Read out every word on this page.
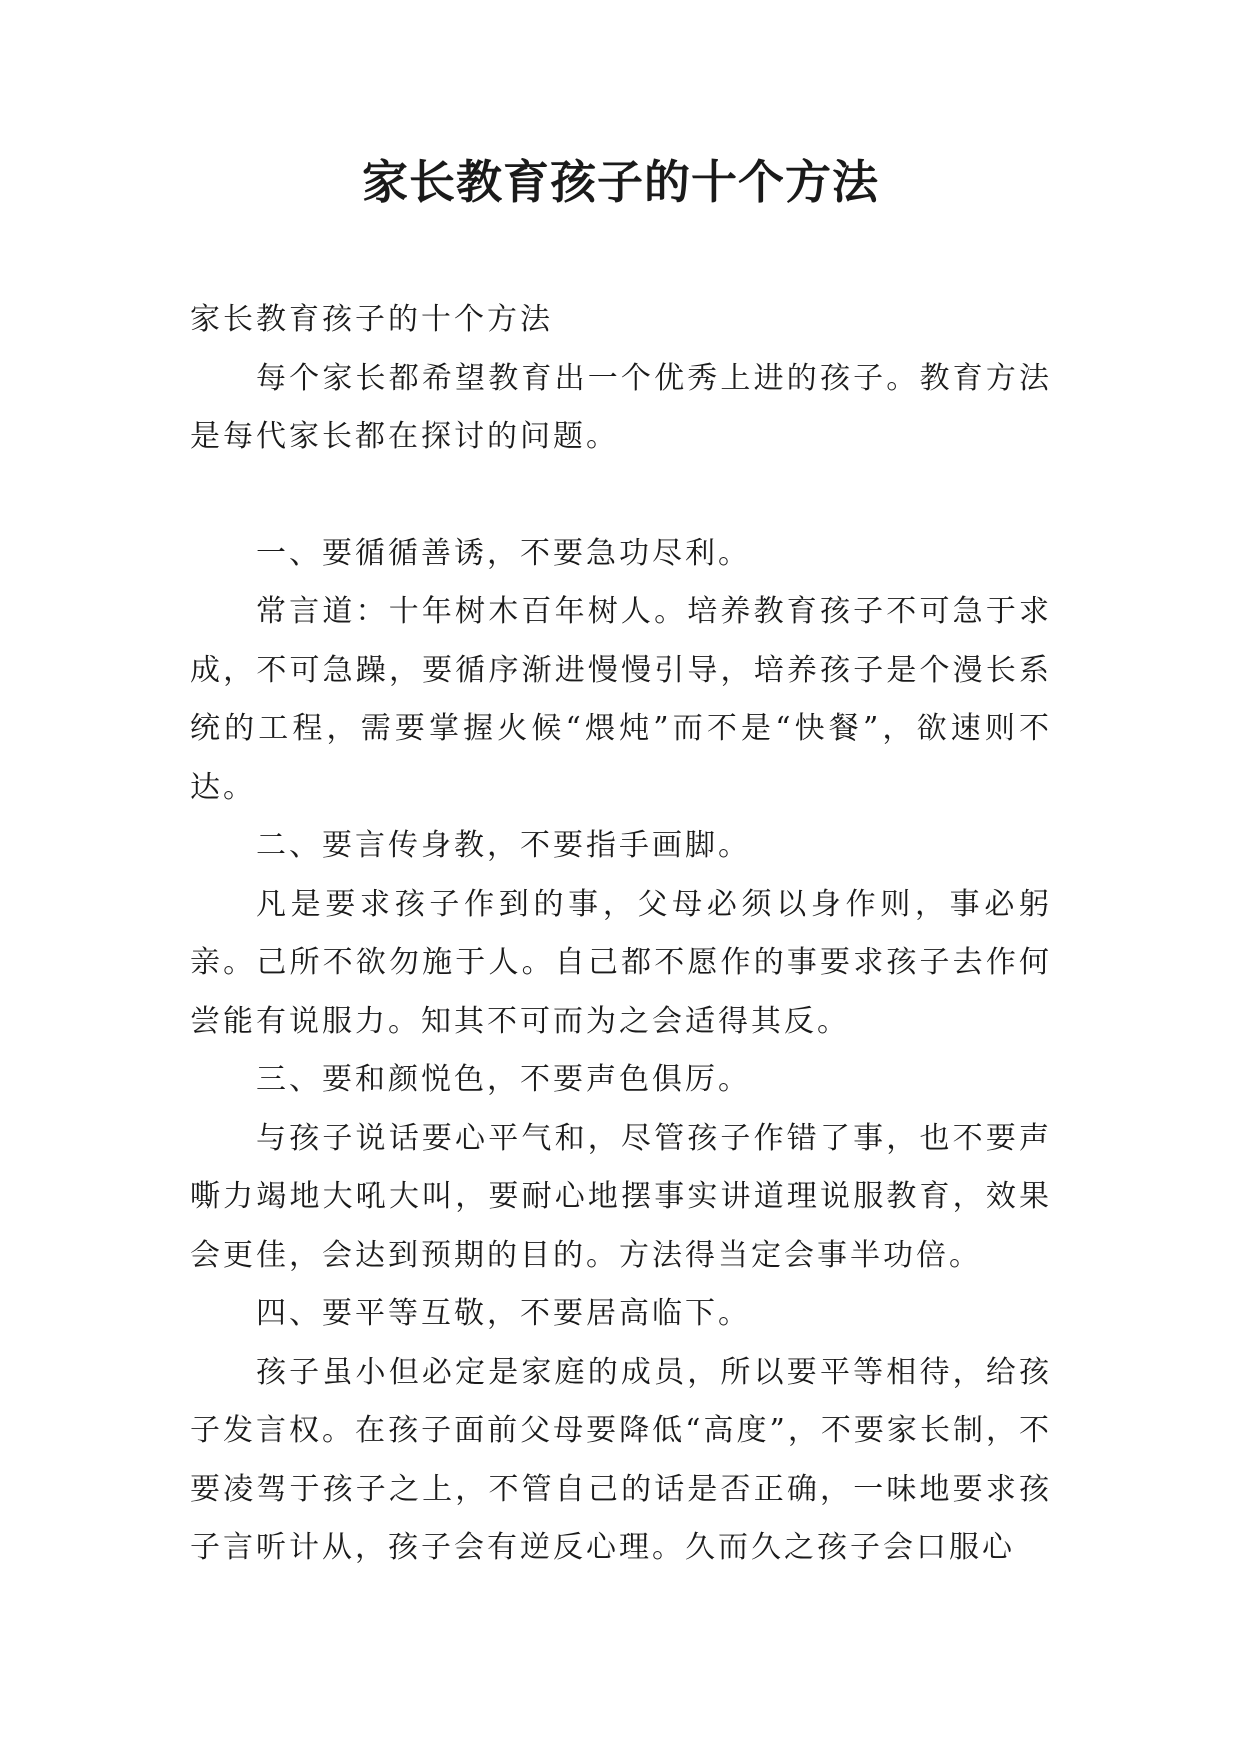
家长教育孩子的十个方法

家长教育孩子的十个方法

每个家长都希望教育出一个优秀上进的孩子。教育方法是每代家长都在探讨的问题。

一、要循循善诱，不要急功尽利。

常言道：十年树木百年树人。培养教育孩子不可急于求成，不可急躁，要循序渐进慢慢引导，培养孩子是个漫长系统的工程，需要掌握火候“煨炖”而不是“快餐”，欲速则不达。

二、要言传身教，不要指手画脚。

凡是要求孩子作到的事，父母必须以身作则，事必躬亲。己所不欲勿施于人。自己都不愿作的事要求孩子去作何尝能有说服力。知其不可而为之会适得其反。

三、要和颜悦色，不要声色俱厉。

与孩子说话要心平气和，尽管孩子作错了事，也不要声嘶力竭地大吼大叫，要耐心地摆事实讲道理说服教育，效果会更佳，会达到预期的目的。方法得当定会事半功倍。

四、要平等互敬，不要居高临下。

孩子虽小但必定是家庭的成员，所以要平等相待，给孩子发言权。在孩子面前父母要降低“高度”，不要家长制，不要凌驾于孩子之上，不管自己的话是否正确，一味地要求孩子言听计从，孩子会有逆反心理。久而久之孩子会口服心
